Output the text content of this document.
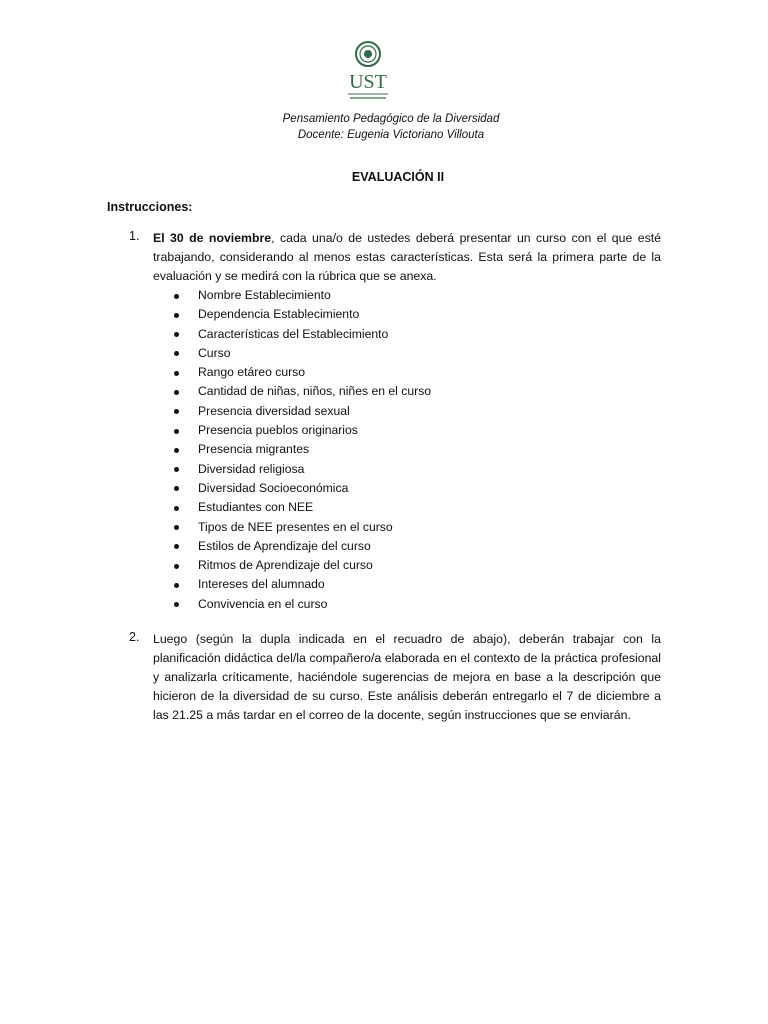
UST
Pensamiento Pedagógico de la Diversidad
Docente: Eugenia Victoriano Villouta
EVALUACIÓN II
Instrucciones:
1.	El 30 de noviembre, cada una/o de ustedes deberá presentar un curso con el que esté trabajando, considerando al menos estas características. Esta será la primera parte de la evaluación y se medirá con la rúbrica que se anexa.
Nombre Establecimiento
Dependencia Establecimiento
Características del Establecimiento
Curso
Rango etáreo curso
Cantidad de niñas, niños, niñes en el curso
Presencia diversidad sexual
Presencia pueblos originarios
Presencia migrantes
Diversidad religiosa
Diversidad Socioeconómica
Estudiantes con NEE
Tipos de NEE presentes en el curso
Estilos de Aprendizaje del curso
Ritmos de Aprendizaje del curso
Intereses del alumnado
Convivencia en el curso
2.	Luego (según la dupla indicada en el recuadro de abajo), deberán trabajar con la planificación didáctica del/la compañero/a elaborada en el contexto de la práctica profesional y analizarla críticamente, haciéndole sugerencias de mejora en base a la descripción que hicieron de la diversidad de su curso. Este análisis deberán entregarlo el 7 de diciembre a las 21.25 a más tardar en el correo de la docente, según instrucciones que se enviarán.
